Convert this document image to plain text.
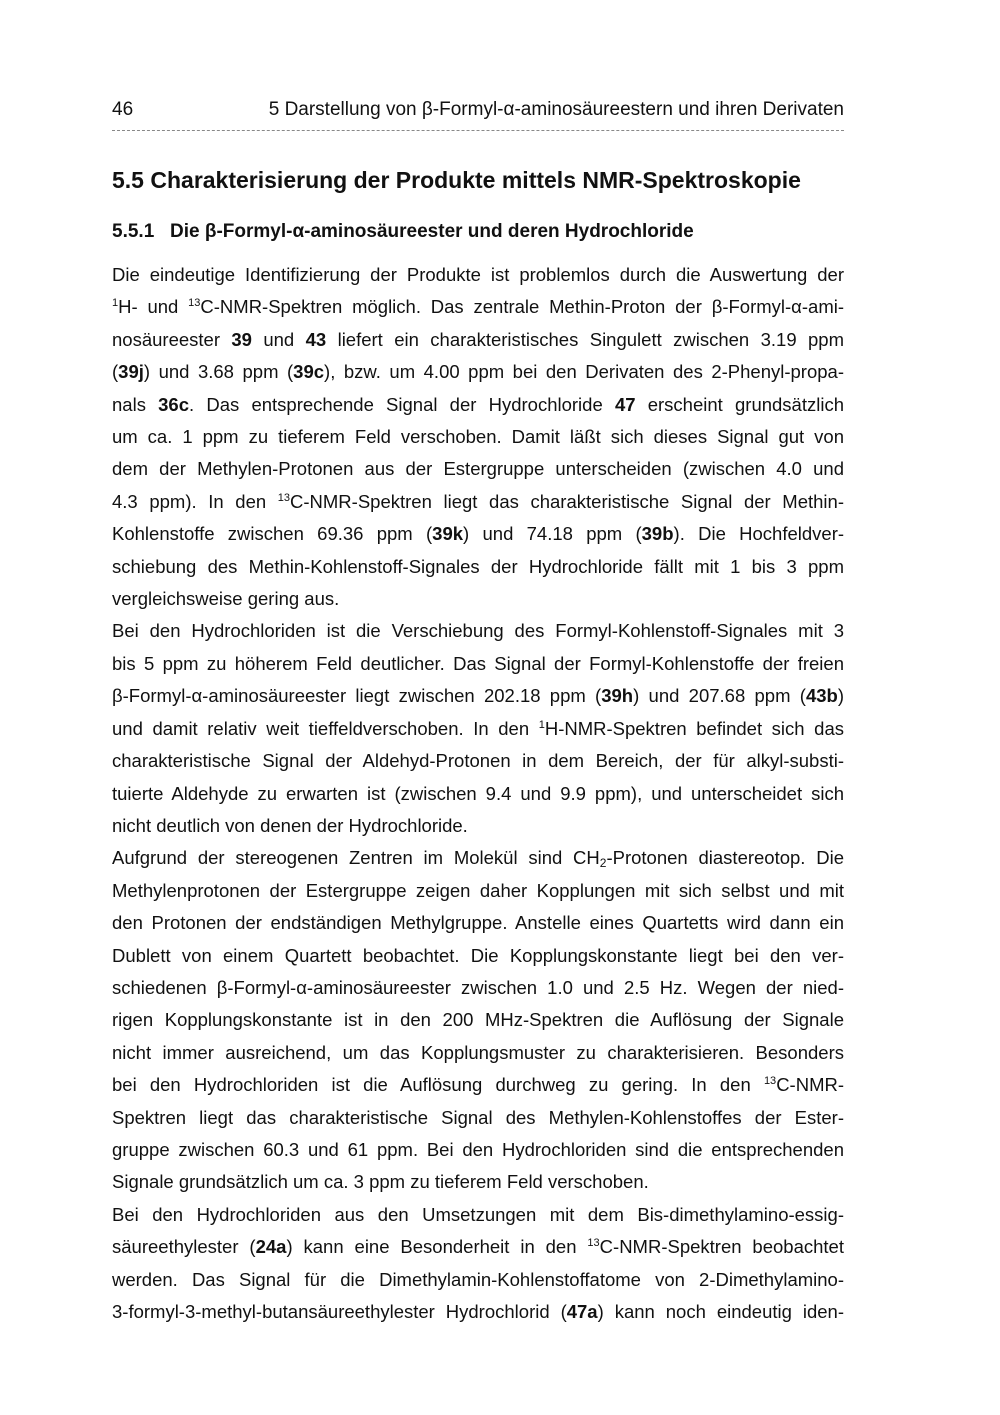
46	5 Darstellung von β-Formyl-α-aminosäureestern und ihren Derivaten
5.5 Charakterisierung der Produkte mittels NMR-Spektroskopie
5.5.1 Die β-Formyl-α-aminosäureester und deren Hydrochloride

Die eindeutige Identifizierung der Produkte ist problemlos durch die Auswertung der
$^1$H- und $^{13}$C-NMR-Spektren möglich. Das zentrale Methin-Proton der β-Formyl-α-ami-
nosäureester 39 und 43 liefert ein charakteristisches Singulett zwischen 3.19 ppm
(39j) und 3.68 ppm (39c), bzw. um 4.00 ppm bei den Derivaten des 2-Phenyl-propa-
nals 36c. Das entsprechende Signal der Hydrochloride 47 erscheint grundsätzlich
um ca. 1 ppm zu tieferem Feld verschoben. Damit läßt sich dieses Signal gut von
dem der Methylen-Protonen aus der Estergruppe unterscheiden (zwischen 4.0 und
4.3 ppm). In den $^{13}$C-NMR-Spektren liegt das charakteristische Signal der Methin-
Kohlenstoffe zwischen 69.36 ppm (39k) und 74.18 ppm (39b). Die Hochfeldver-
schiebung des Methin-Kohlenstoff-Signales der Hydrochloride fällt mit 1 bis 3 ppm
vergleichsweise gering aus.

Bei den Hydrochloriden ist die Verschiebung des Formyl-Kohlenstoff-Signales mit 3
bis 5 ppm zu höherem Feld deutlicher. Das Signal der Formyl-Kohlenstoffe der freien
β-Formyl-α-aminosäureester liegt zwischen 202.18 ppm (39h) und 207.68 ppm (43b)
und damit relativ weit tieffeldverschoben. In den $^1$H-NMR-Spektren befindet sich das
charakteristische Signal der Aldehyd-Protonen in dem Bereich, der für alkyl-substi-
tuierte Aldehyde zu erwarten ist (zwischen 9.4 und 9.9 ppm), und unterscheidet sich
nicht deutlich von denen der Hydrochloride.

Aufgrund der stereogenen Zentren im Molekül sind $CH_2$-Protonen diastereotop. Die
Methylenprotonen der Estergruppe zeigen daher Kopplungen mit sich selbst und mit
den Protonen der endständigen Methylgruppe. Anstelle eines Quartetts wird dann ein
Dublett von einem Quartett beobachtet. Die Kopplungskonstante liegt bei den ver-
schiedenen β-Formyl-α-aminosäureester zwischen 1.0 und 2.5 Hz. Wegen der nied-
rigen Kopplungskonstante ist in den 200 MHz-Spektren die Auflösung der Signale
nicht immer ausreichend, um das Kopplungsmuster zu charakterisieren. Besonders
bei den Hydrochloriden ist die Auflösung durchweg zu gering. In den $^{13}$C-NMR-
Spektren liegt das charakteristische Signal des Methylen-Kohlenstoffes der Ester-
gruppe zwischen 60.3 und 61 ppm. Bei den Hydrochloriden sind die entsprechenden
Signale grundsätzlich um ca. 3 ppm zu tieferem Feld verschoben.

Bei den Hydrochloriden aus den Umsetzungen mit dem Bis-dimethylamino-essig-
säureethylester (24a) kann eine Besonderheit in den $^{13}$C-NMR-Spektren beobachtet
werden. Das Signal für die Dimethylamin-Kohlenstoffatome von 2-Dimethylamino-
3-formyl-3-methyl-butansäureethylester Hydrochlorid (47a) kann noch eindeutig iden-
